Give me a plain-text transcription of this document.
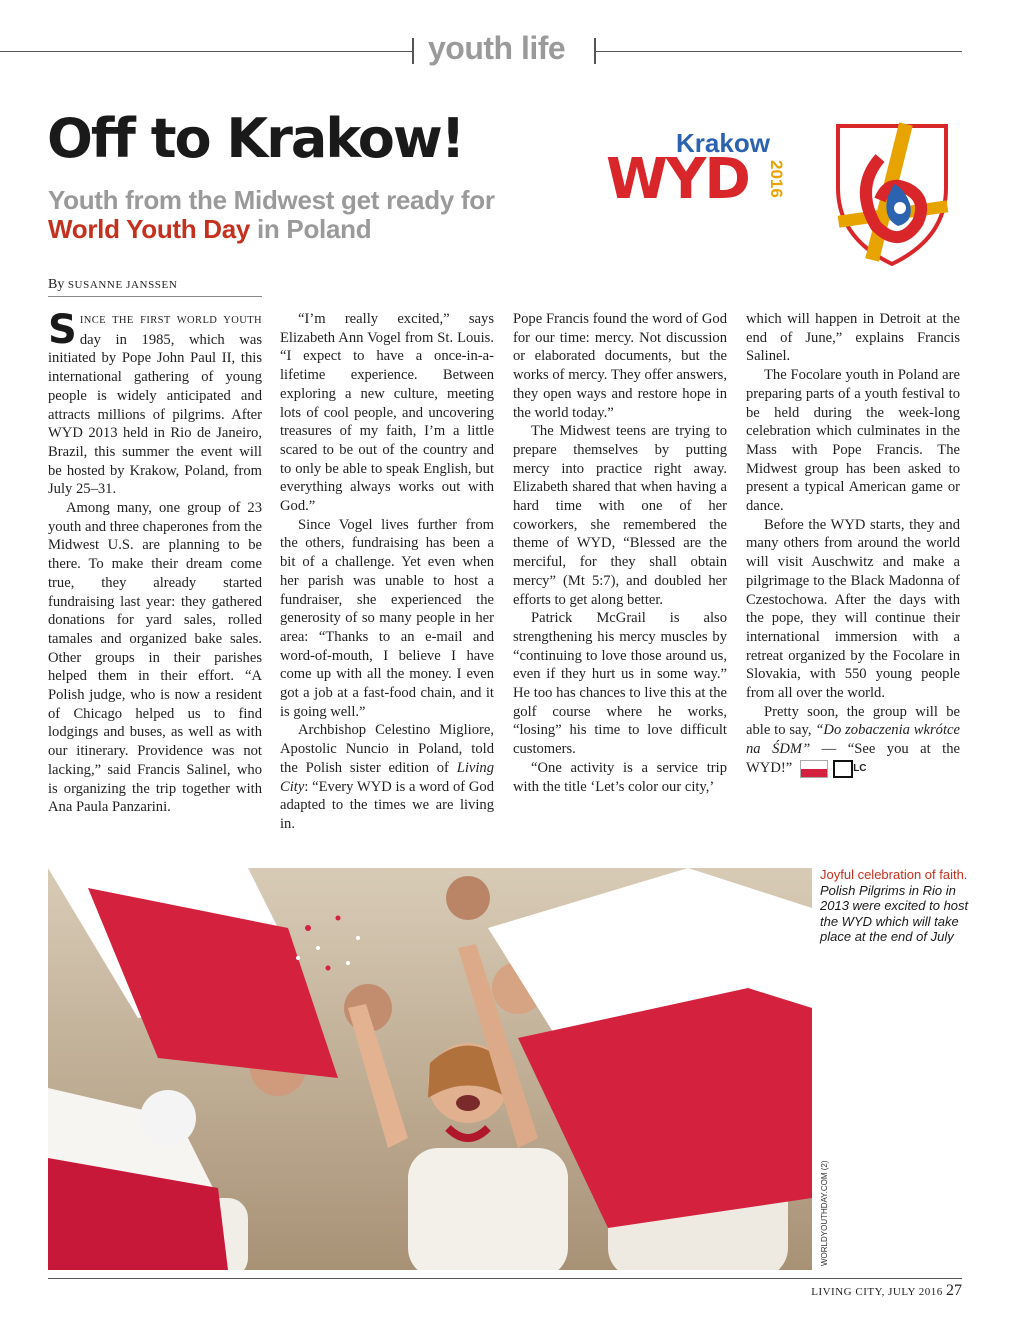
youth life
Off to Krakow!
Youth from the Midwest get ready for World Youth Day in Poland
Krakow
WYD 2016
By SUSANNE JANSSEN

SINCE THE FIRST WORLD YOUTH day in 1985, which was initiated by Pope John Paul II, this international gathering of young people is widely anticipated and attracts millions of pilgrims. After WYD 2013 held in Rio de Janeiro, Brazil, this summer the event will be hosted by Krakow, Poland, from July 25–31.

Among many, one group of 23 youth and three chaperones from the Midwest U.S. are planning to be there. To make their dream come true, they already started fundraising last year: they gathered donations for yard sales, rolled tamales and organized bake sales. Other groups in their parishes helped them in their effort. “A Polish judge, who is now a resident of Chicago helped us to find lodgings and buses, as well as with our itinerary. Providence was not lacking,” said Francis Salinel, who is organizing the trip together with Ana Paula Panzarini.

“I’m really excited,” says Elizabeth Ann Vogel from St. Louis. “I expect to have a once-in-a-lifetime experience. Between exploring a new culture, meeting lots of cool people, and uncovering treasures of my faith, I’m a little scared to be out of the country and to only be able to speak English, but everything always works out with God.”

Since Vogel lives further from the others, fundraising has been a bit of a challenge. Yet even when her parish was unable to host a fundraiser, she experienced the generosity of so many people in her area: “Thanks to an e-mail and word-of-mouth, I believe I have come up with all the money. I even got a job at a fast-food chain, and it is going well.”

Archbishop Celestino Migliore, Apostolic Nuncio in Poland, told the Polish sister edition of Living City: “Every WYD is a word of God adapted to the times we are living in.

Pope Francis found the word of God for our time: mercy. Not discussion or elaborated documents, but the works of mercy. They offer answers, they open ways and restore hope in the world today.”

The Midwest teens are trying to prepare themselves by putting mercy into practice right away. Elizabeth shared that when having a hard time with one of her coworkers, she remembered the theme of WYD, “Blessed are the merciful, for they shall obtain mercy” (Mt 5:7), and doubled her efforts to get along better.

Patrick McGrail is also strengthening his mercy muscles by “continuing to love those around us, even if they hurt us in some way.” He too has chances to live this at the golf course where he works, “losing” his time to love difficult customers.

“One activity is a service trip with the title ‘Let’s color our city,’

which will happen in Detroit at the end of June,” explains Francis Salinel.

The Focolare youth in Poland are preparing parts of a youth festival to be held during the week-long celebration which culminates in the Mass with Pope Francis. The Midwest group has been asked to present a typical American game or dance.

Before the WYD starts, they and many others from around the world will visit Auschwitz and make a pilgrimage to the Black Madonna of Czestochowa. After the days with the pope, they will continue their international immersion with a retreat organized by the Focolare in Slovakia, with 550 young people from all over the world.

Pretty soon, the group will be able to say, “Do zobaczenia wkrótce na ŚDM” — “See you at the WYD!”	LC

WORLDYOUTHDAY.COM (2)
Joyful celebration of faith. Polish Pilgrims in Rio in 2013 were excited to host the WYD which will take place at the end of July
LIVING CITY, JULY 2016 27
